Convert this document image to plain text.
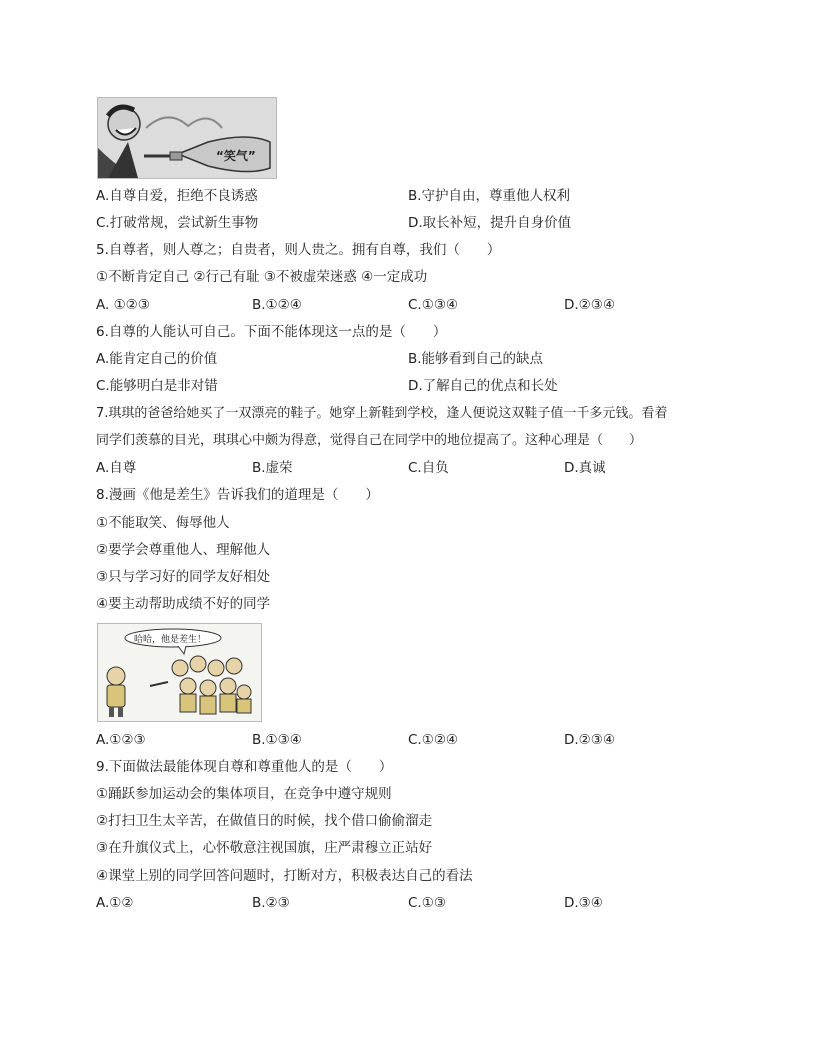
“笑气”
A.自尊自爱，拒绝不良诱惑	B.守护自由，尊重他人权利
C.打破常规，尝试新生事物	D.取长补短，提升自身价值
5.自尊者，则人尊之；自贵者，则人贵之。拥有自尊，我们（　　）
①不断肯定自己 ②行己有耻 ③不被虚荣迷惑 ④一定成功
A. ①②③	B.①②④	C.①③④	D.②③④
6.自尊的人能认可自己。下面不能体现这一点的是（　　）
A.能肯定自己的价值	B.能够看到自己的缺点
C.能够明白是非对错	D.了解自己的优点和长处
7.琪琪的爸爸给她买了一双漂亮的鞋子。她穿上新鞋到学校，逢人便说这双鞋子值一千多元钱。看着
同学们羡慕的目光，琪琪心中颇为得意，觉得自己在同学中的地位提高了。这种心理是（　　）
A.自尊	B.虚荣	C.自负	D.真诚
8.漫画《他是差生》告诉我们的道理是（　　）
①不能取笑、侮辱他人
②要学会尊重他人、理解他人
③只与学习好的同学友好相处
④要主动帮助成绩不好的同学
哈哈，他是差生！
A.①②③	B.①③④	C.①②④	D.②③④
9.下面做法最能体现自尊和尊重他人的是（　　）
①踊跃参加运动会的集体项目，在竞争中遵守规则
②打扫卫生太辛苦，在做值日的时候，找个借口偷偷溜走
③在升旗仪式上，心怀敬意注视国旗，庄严肃穆立正站好
④课堂上别的同学回答问题时，打断对方，积极表达自己的看法
A.①②	B.②③	C.①③	D.③④
